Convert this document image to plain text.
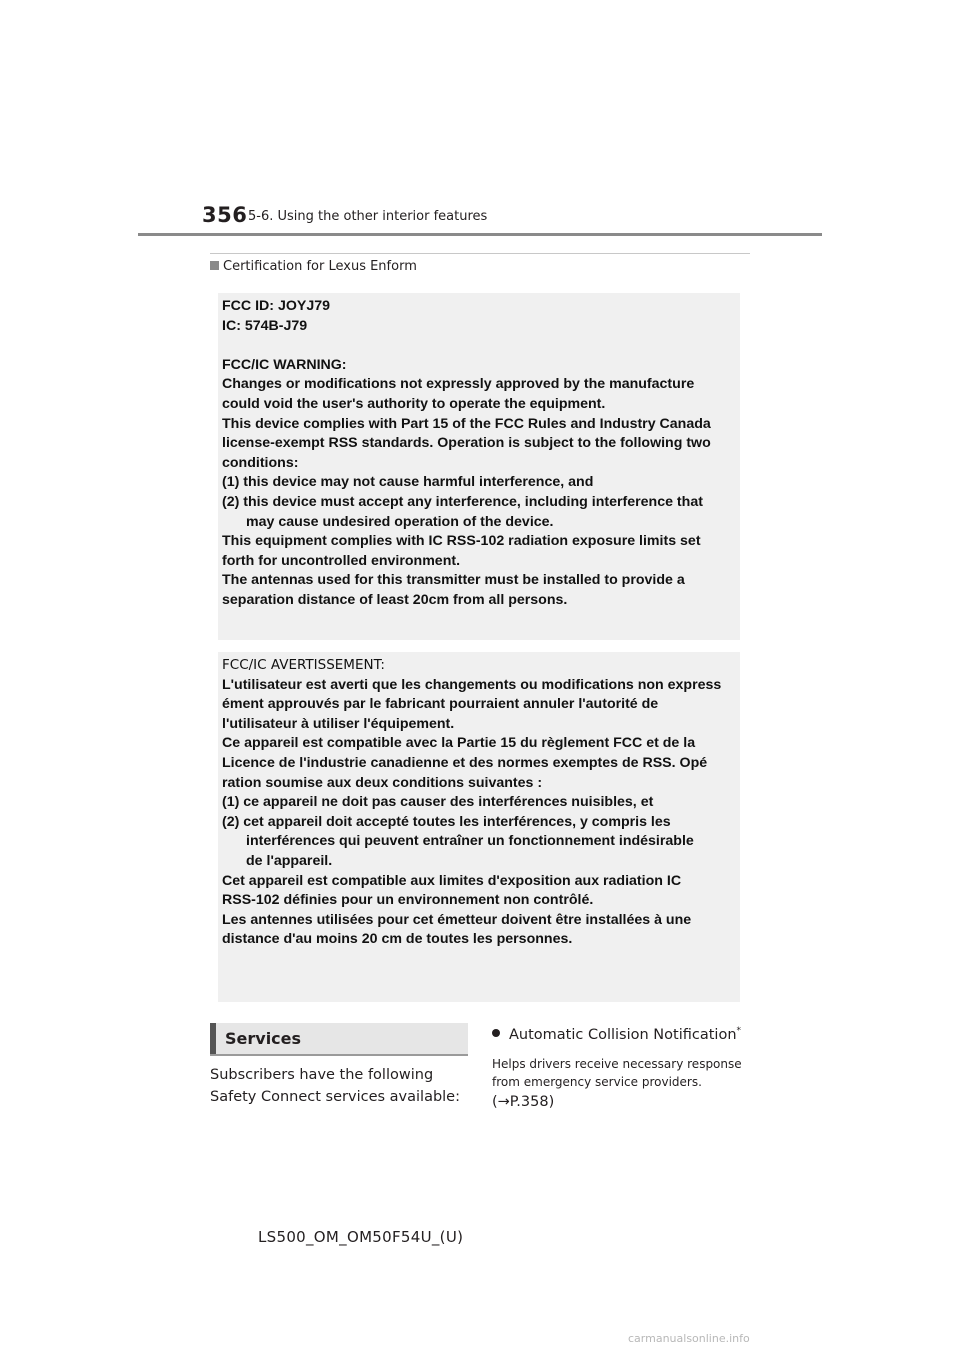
356 5-6. Using the other interior features
Certification for Lexus Enform
FCC ID: JOYJ79
IC: 574B-J79
FCC/IC WARNING:
Changes or modifications not expressly approved by the manufacture
could void the user's authority to operate the equipment.
This device complies with Part 15 of the FCC Rules and Industry Canada
license-exempt RSS standards. Operation is subject to the following two
conditions:
(1) this device may not cause harmful interference, and
(2) this device must accept any interference, including interference that
may cause undesired operation of the device.
This equipment complies with IC RSS-102 radiation exposure limits set
forth for uncontrolled environment.
The antennas used for this transmitter must be installed to provide a
separation distance of least 20cm from all persons.
FCC/IC AVERTISSEMENT:
L'utilisateur est averti que les changements ou modifications non express
ément approuvés par le fabricant pourraient annuler l'autorité de
l'utilisateur à utiliser l'équipement.
Ce appareil est compatible avec la Partie 15 du règlement FCC et de la
Licence de l'industrie canadienne et des normes exemptes de RSS. Opé
ration soumise aux deux conditions suivantes :
(1) ce appareil ne doit pas causer des interférences nuisibles, et
(2) cet appareil doit accepté toutes les interférences, y compris les
interférences qui peuvent entraîner un fonctionnement indésirable
de l'appareil.
Cet appareil est compatible aux limites d'exposition aux radiation IC
RSS-102 définies pour un environnement non contrôlé.
Les antennes utilisées pour cet émetteur doivent être installées à une
distance d'au moins 20 cm de toutes les personnes.
Services
Subscribers have the following Safety Connect services available:
Automatic Collision Notification*
Helps drivers receive necessary response from emergency service providers.
(→P.358)
LS500_OM_OM50F54U_(U)
carmanualsonline.info
